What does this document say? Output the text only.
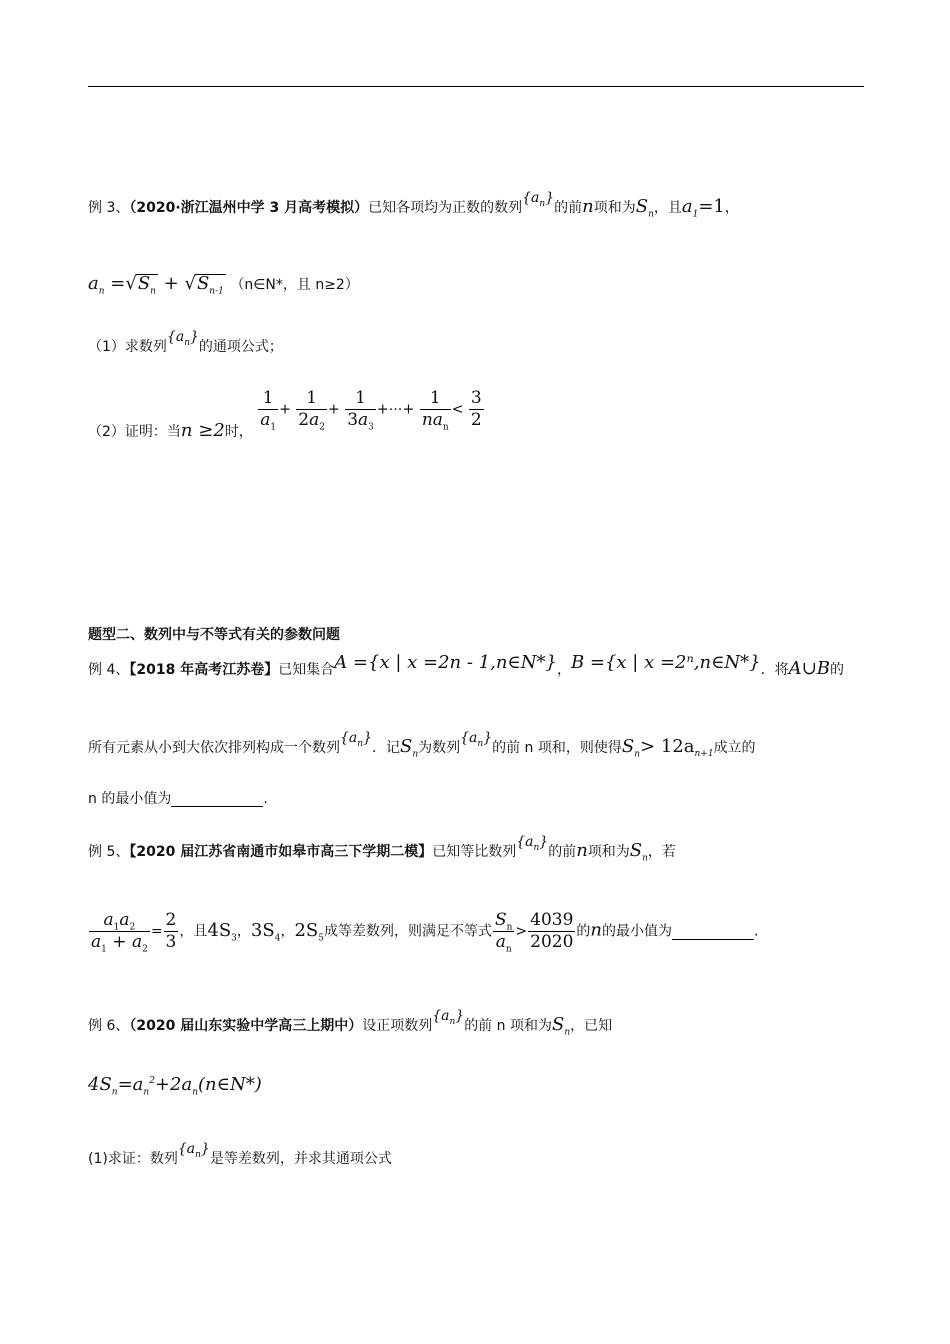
例 3、（2020·浙江温州中学 3 月高考模拟）已知各项均为正数的数列$\{a_n\}$的前n项和为$S_n$，且$a_1=1$，
$a_n =√S_n + √S_{n-1}$ （n∈N*，且 n≥2）
（1）求数列$\{a_n\}$的通项公式；
（2）证明：当n ≥2时，
$\frac{1}{a_1} + \frac{1}{2a_2} + \frac{1}{3a_3}$ +⋯+ $\frac{1}{na_n} < \frac{3}{2}$
题型二、数列中与不等式有关的参数问题
例 4、【2018 年高考江苏卷】已知集合A ={x | x =2n - 1,n∈N*}，B ={x | x =2ⁿ,n∈N*}．将A∪B的
所有元素从小到大依次排列构成一个数列$\{a_n\}$．记$S_n$为数列$\{a_n\}$的前 n 项和，则使得$S_n> 12a_{n+1}$成立的
n 的最小值为	.
例 5、【2020 届江苏省南通市如皋市高三下学期二模】已知等比数列$\{a_n\}$的前n项和为$S_n$，若
$\frac{a_1a_2}{a_1 + a_2} = \frac{2}{3}$ ，且$4S_3$，$3S_4$，$2S_5$成等差数列，则满足不等式 $\frac{S_n}{a_n} > \frac{4039}{2020}$ 的n的最小值为	.
例 6、（2020 届山东实验中学高三上期中）设正项数列$\{a_n\}$的前 n 项和为$S_n$，已知
$4S_n=a_n^2+2a_n(n\in N*)$
(1)求证：数列$\{a_n\}$是等差数列，并求其通项公式
